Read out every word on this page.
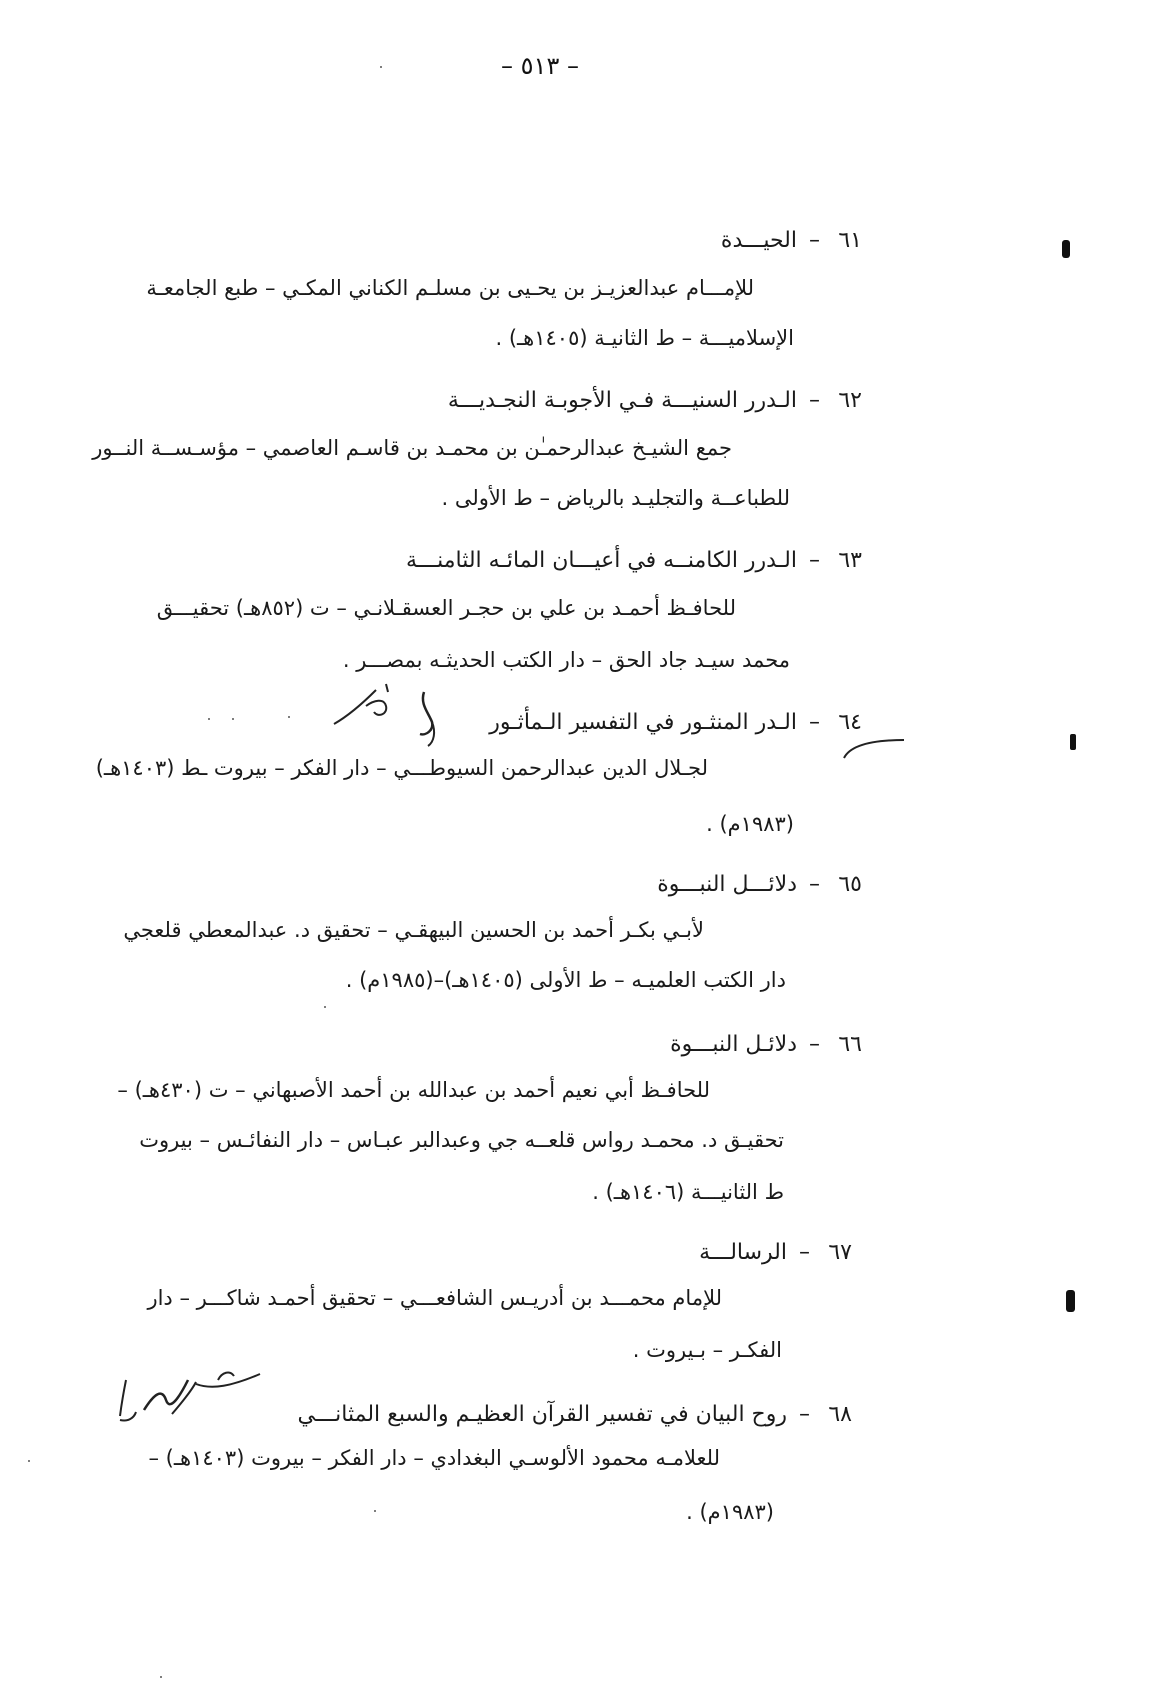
– ٥١٣ –
٦١–الحيـــدة
للإمـــام عبدالعزيـز بن يحـيى بن مسلـم الكناني المكـي – طبع الجامعـة
الإسلاميـــة – ط الثانيـة (١٤٠٥هـ) .
٦٢–الـدرر السنيـــة فـي الأجوبـة النجـديـــة
جمع الشيـخ عبدالرحمـٰن بن محمـد بن قاسـم العاصمي – مؤسـســة النــور
للطباعــة والتجليـد بالرياض – ط الأولى .
٦٣–الـدرر الكامنــه في أعيـــان المائـه الثامنـــة
للحافـظ أحمـد بن علي بن حجـر العسقـلانـي – ت (٨٥٢هـ) تحقيـــق
محمد سيـد جاد الحق – دار الكتب الحديثـه بمصـــر .
٦٤–الـدر المنثـور في التفسير الـمأثـور
لجـلال الدين عبدالرحمن السيوطـــي – دار الفكر – بيروت ـط (١٤٠٣هـ)
(١٩٨٣م) .
٦٥–دلائـــل النبـــوة
لأبـي بكـر أحمد بن الحسين البيهقـي – تحقيق د. عبدالمعطي قلعجي
دار الكتب العلميـه – ط الأولى (١٤٠٥هـ)–(١٩٨٥م) .
٦٦–دلائـل النبـــوة
للحافـظ أبي نعيم أحمد بن عبدالله بن أحمد الأصبهاني – ت (٤٣٠هـ) –
تحقيـق د. محمـد رواس قلعــه جي وعبدالبر عبـاس – دار النفائـس – بيروت
ط الثانيـــة (١٤٠٦هـ) .
٦٧–الرسالـــة
للإمام محمـــد بن أدريـس الشافعـــي – تحقيق أحمـد شاكـــر – دار
الفكـر – بـيروت .
٦٨–روح البيان في تفسير القرآن العظيـم والسبع المثانـــي
للعلامـه محمود الألوسـي البغدادي – دار الفكر – بيروت (١٤٠٣هـ) –
(١٩٨٣م) .
